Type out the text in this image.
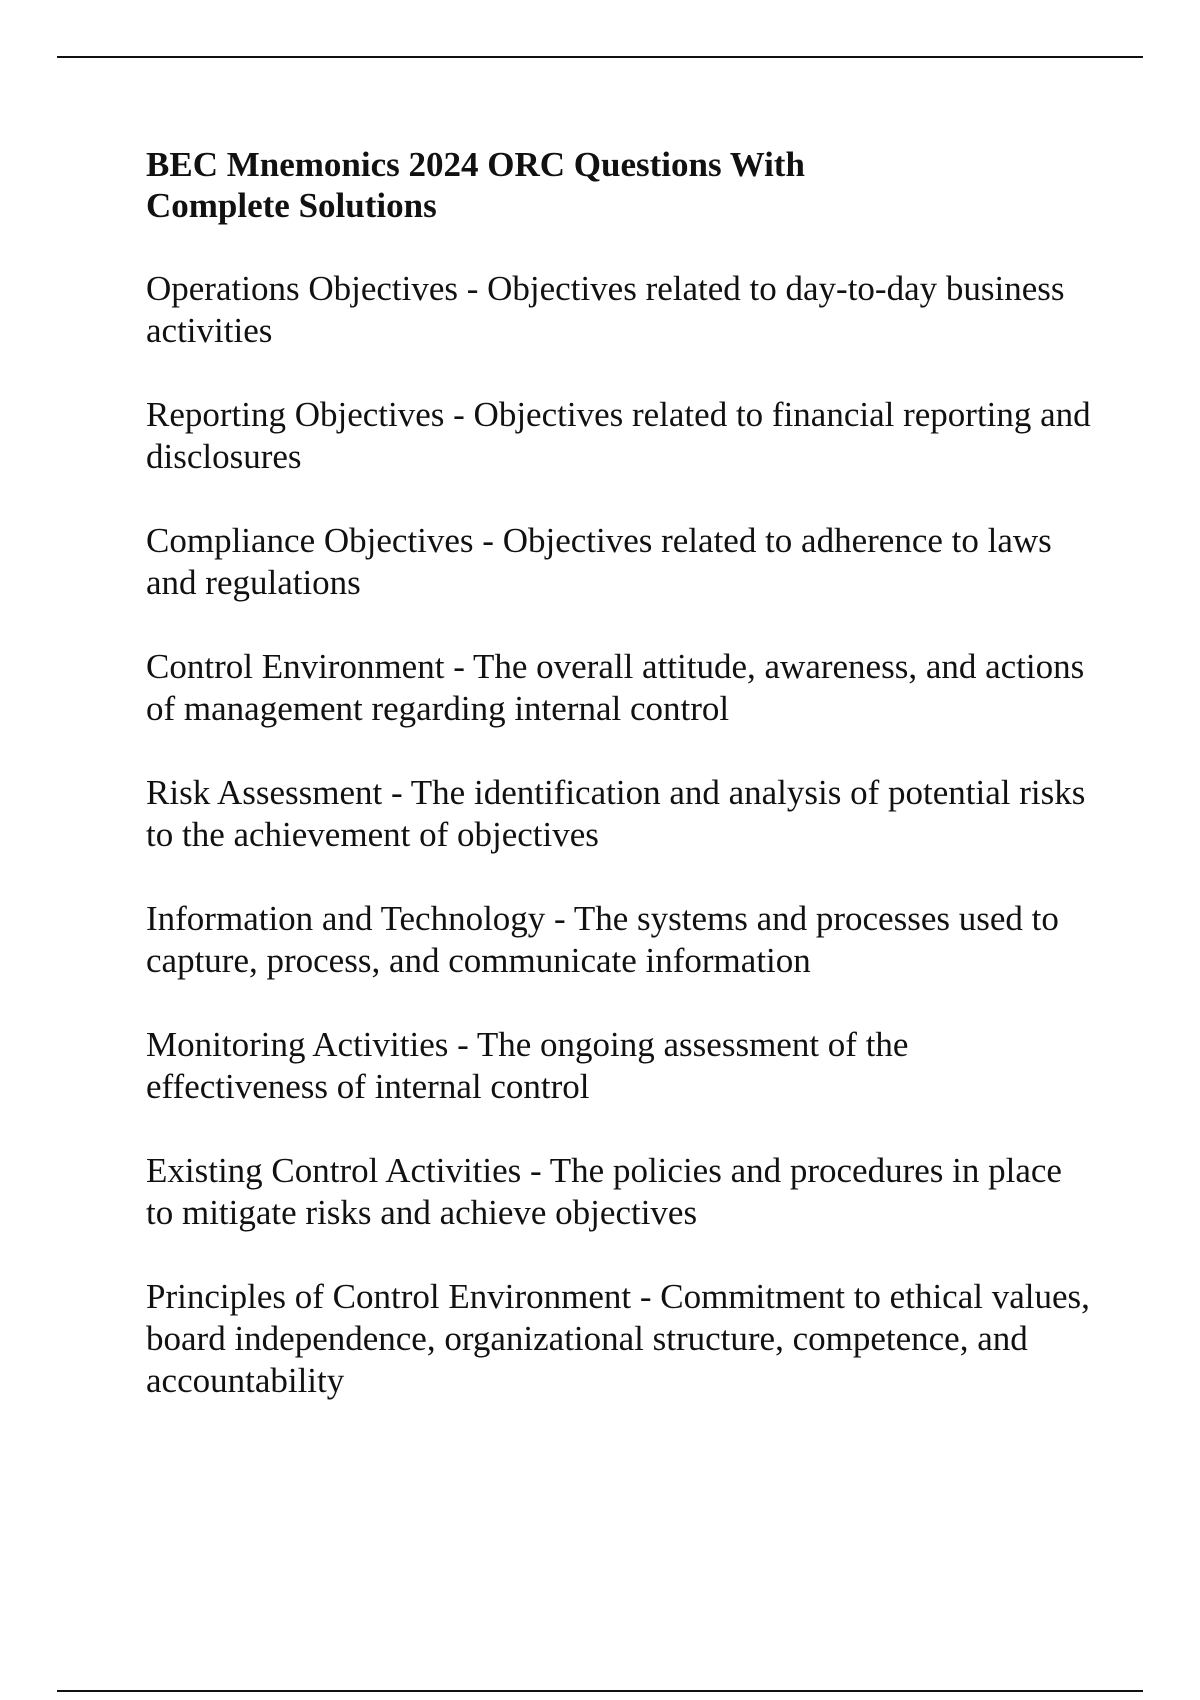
BEC Mnemonics 2024 ORC Questions With Complete Solutions

Operations Objectives - Objectives related to day-to-day business activities

Reporting Objectives - Objectives related to financial reporting and disclosures

Compliance Objectives - Objectives related to adherence to laws and regulations

Control Environment - The overall attitude, awareness, and actions of management regarding internal control

Risk Assessment - The identification and analysis of potential risks to the achievement of objectives

Information and Technology - The systems and processes used to capture, process, and communicate information

Monitoring Activities - The ongoing assessment of the effectiveness of internal control

Existing Control Activities - The policies and procedures in place to mitigate risks and achieve objectives

Principles of Control Environment - Commitment to ethical values, board independence, organizational structure, competence, and accountability
